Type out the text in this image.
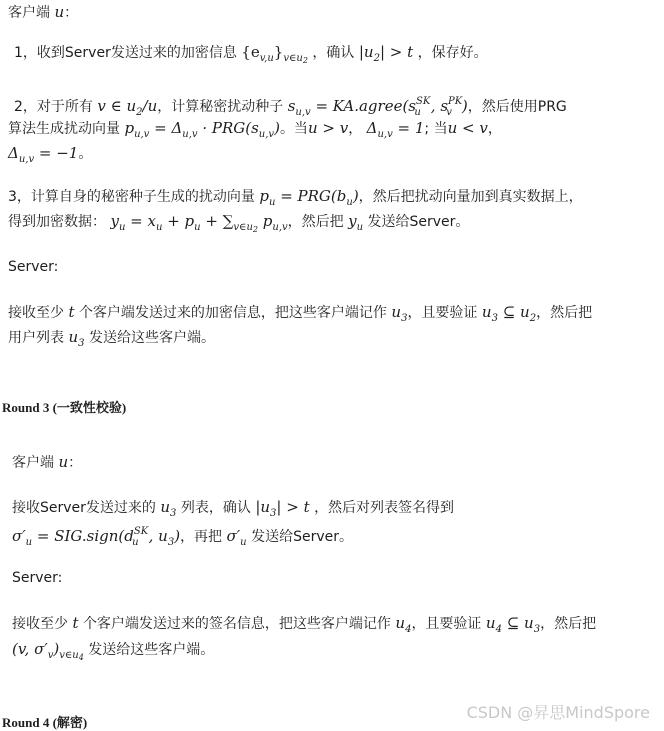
客户端 u：
1，收到Server发送过来的加密信息 $\{e_{v,u}\}_{v\in u2}$ ，确认 $|u_2| > t$ ，保存好。
2，对于所有 v ∈ $u_2/u$，计算秘密扰动种子 $s_{u,v}$ = $KA.agree(s^{SK}_u$ , $s^{PK}_v$ )，然后使用PRG
算法生成扰动向量 $p_{u,v} = \Delta_{u,v} \cdot PRG(s_{u,v})$。当u > v， $\Delta_{u,v} = 1$; 当u < v，
$\Delta_{u,v} = -1$。
3，计算自身的秘密种子生成的扰动向量 $p_u = PRG(b_u)$，然后把扰动向量加到真实数据上，
得到加密数据： $y_u = x_u + p_u + \sum_{v\in u2}$ $p_{u,v}$，然后把 $y_u$ 发送给Server。
Server:
接收至少 t 个客户端发送过来的加密信息，把这些客户端记作 $u_3$，且要验证 $u_3$ ⊆ $u_2$，然后把
用户列表 $u_3$ 发送给这些客户端。
Round 3 (一致性校验)
客户端 u：
接收Server发送过来的 $u_3$ 列表，确认 $|u_3| > t$ ，然后对列表签名得到
$\sigma'_u$ = $SIG.sign(d^{SK}_u$ , $u_3$)，再把 $\sigma'_u$ 发送给Server。
Server:
接收至少 t 个客户端发送过来的签名信息，把这些客户端记作 $u_4$，且要验证 $u_4$ ⊆ $u_3$，然后把
(v, $\sigma'_v)_{v\in u4}$ 发送给这些客户端。
Round 4 (解密)
CSDN @昇思MindSpore
